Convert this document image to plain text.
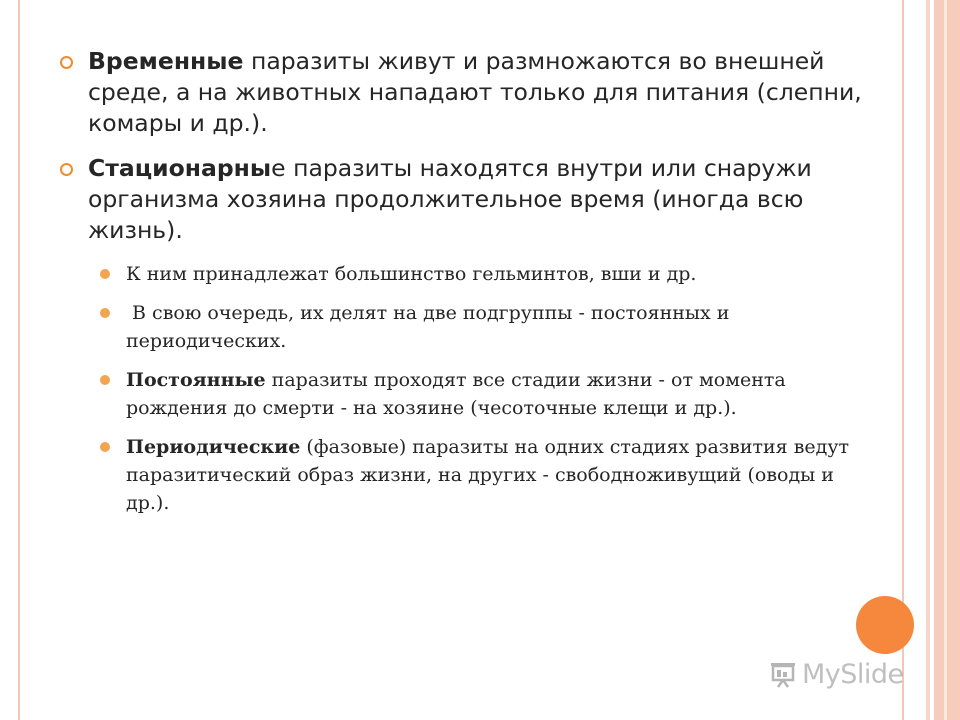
Временные паразиты живут и размножаются во внешней среде, а на животных нападают только для питания (слепни, комары и др.).
Стационарные паразиты находятся внутри или снаружи организма хозяина продолжительное время (иногда всю жизнь).
К ним принадлежат большинство гельминтов, вши и др.
В свою очередь, их делят на две подгруппы - постоянных и периодических.
Постоянные паразиты проходят все стадии жизни - от момента рождения до смерти - на хозяине (чесоточные клещи и др.).
Периодические (фазовые) паразиты на одних стадиях развития ведут паразитический образ жизни, на других - свободноживущий (оводы и др.).
MySlide
